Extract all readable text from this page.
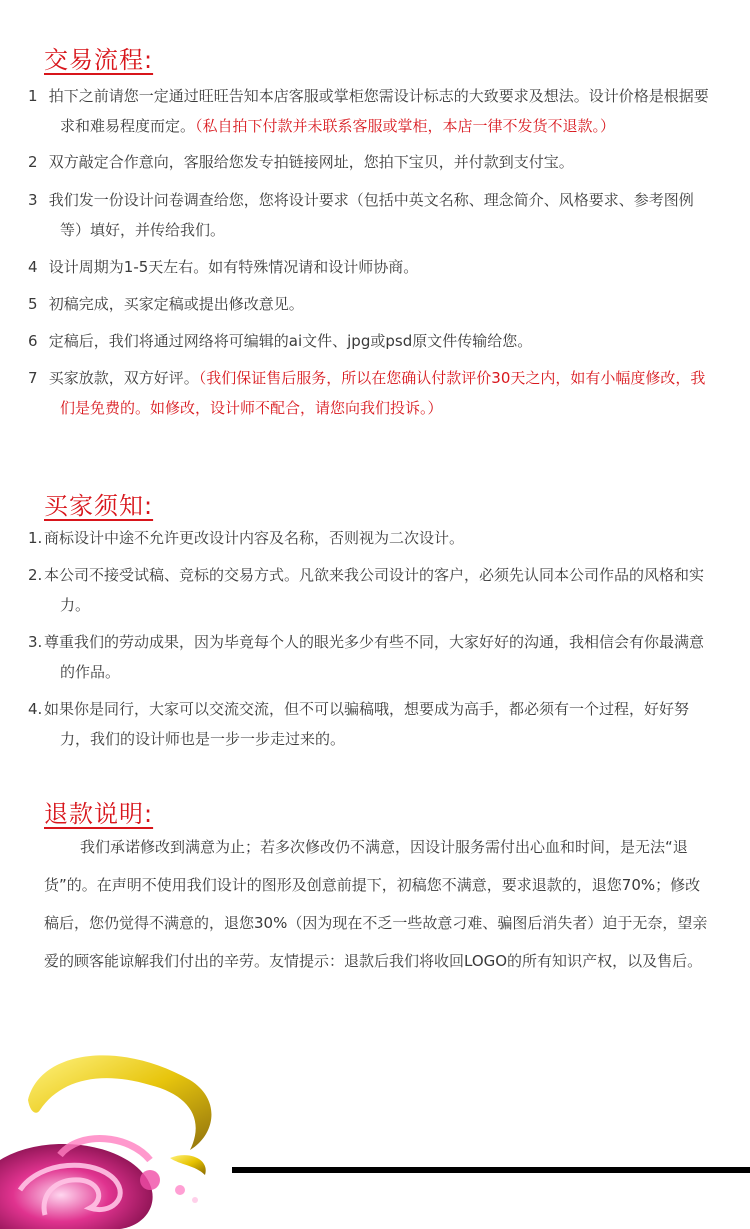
交易流程:
1 拍下之前请您一定通过旺旺告知本店客服或掌柜您需设计标志的大致要求及想法。设计价格是根据要求和难易程度而定。（私自拍下付款并未联系客服或掌柜，本店一律不发货不退款。）
2 双方敲定合作意向，客服给您发专拍链接网址，您拍下宝贝，并付款到支付宝。
3 我们发一份设计问卷调查给您，您将设计要求（包括中英文名称、理念简介、风格要求、参考图例等）填好，并传给我们。
4 设计周期为1-5天左右。如有特殊情况请和设计师协商。
5 初稿完成，买家定稿或提出修改意见。
6 定稿后，我们将通过网络将可编辑的ai文件、jpg或psd原文件传输给您。
7 买家放款，双方好评。（我们保证售后服务，所以在您确认付款评价30天之内，如有小幅度修改，我们是免费的。如修改，设计师不配合，请您向我们投诉。）
买家须知:
1. 商标设计中途不允许更改设计内容及名称，否则视为二次设计。
2. 本公司不接受试稿、竞标的交易方式。凡欲来我公司设计的客户，必须先认同本公司作品的风格和实力。
3. 尊重我们的劳动成果，因为毕竟每个人的眼光多少有些不同，大家好好的沟通，我相信会有你最满意的作品。
4. 如果你是同行，大家可以交流交流，但不可以骗稿哦，想要成为高手，都必须有一个过程，好好努力，我们的设计师也是一步一步走过来的。
退款说明:

我们承诺修改到满意为止；若多次修改仍不满意，因设计服务需付出心血和时间，是无法“退货”的。在声明不使用我们设计的图形及创意前提下，初稿您不满意，要求退款的，退您70%；修改稿后，您仍觉得不满意的，退您30%（因为现在不乏一些故意刁难、骗图后消失者）迫于无奈，望亲爱的顾客能谅解我们付出的辛劳。友情提示：退款后我们将收回LOGO的所有知识产权，以及售后。
